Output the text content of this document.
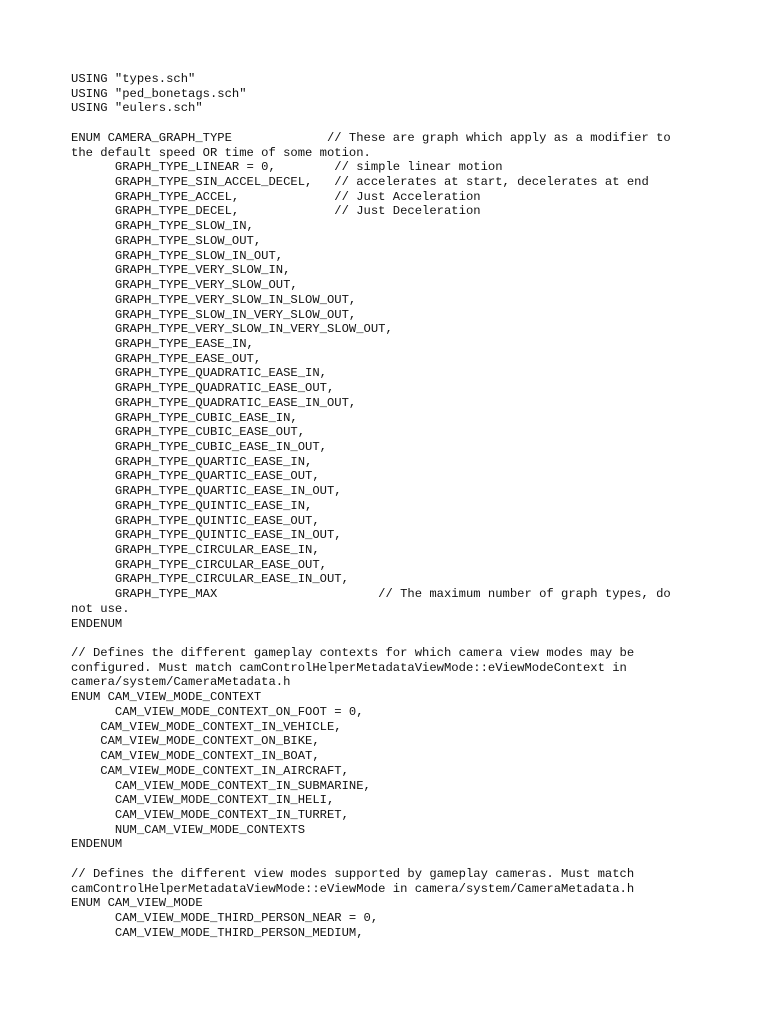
USING "types.sch"
USING "ped_bonetags.sch"
USING "eulers.sch"
ENUM CAMERA_GRAPH_TYPE             // These are graph which apply as a modifier to
the default speed OR time of some motion.
GRAPH_TYPE_LINEAR = 0,        // simple linear motion
GRAPH_TYPE_SIN_ACCEL_DECEL,   // accelerates at start, decelerates at end
GRAPH_TYPE_ACCEL,             // Just Acceleration
GRAPH_TYPE_DECEL,             // Just Deceleration
GRAPH_TYPE_SLOW_IN,
GRAPH_TYPE_SLOW_OUT,
GRAPH_TYPE_SLOW_IN_OUT,
GRAPH_TYPE_VERY_SLOW_IN,
GRAPH_TYPE_VERY_SLOW_OUT,
GRAPH_TYPE_VERY_SLOW_IN_SLOW_OUT,
GRAPH_TYPE_SLOW_IN_VERY_SLOW_OUT,
GRAPH_TYPE_VERY_SLOW_IN_VERY_SLOW_OUT,
GRAPH_TYPE_EASE_IN,
GRAPH_TYPE_EASE_OUT,
GRAPH_TYPE_QUADRATIC_EASE_IN,
GRAPH_TYPE_QUADRATIC_EASE_OUT,
GRAPH_TYPE_QUADRATIC_EASE_IN_OUT,
GRAPH_TYPE_CUBIC_EASE_IN,
GRAPH_TYPE_CUBIC_EASE_OUT,
GRAPH_TYPE_CUBIC_EASE_IN_OUT,
GRAPH_TYPE_QUARTIC_EASE_IN,
GRAPH_TYPE_QUARTIC_EASE_OUT,
GRAPH_TYPE_QUARTIC_EASE_IN_OUT,
GRAPH_TYPE_QUINTIC_EASE_IN,
GRAPH_TYPE_QUINTIC_EASE_OUT,
GRAPH_TYPE_QUINTIC_EASE_IN_OUT,
GRAPH_TYPE_CIRCULAR_EASE_IN,
GRAPH_TYPE_CIRCULAR_EASE_OUT,
GRAPH_TYPE_CIRCULAR_EASE_IN_OUT,
GRAPH_TYPE_MAX                      // The maximum number of graph types, do
not use.
ENDENUM
// Defines the different gameplay contexts for which camera view modes may be
configured. Must match camControlHelperMetadataViewMode::eViewModeContext in
camera/system/CameraMetadata.h
ENUM CAM_VIEW_MODE_CONTEXT
CAM_VIEW_MODE_CONTEXT_ON_FOOT = 0,
CAM_VIEW_MODE_CONTEXT_IN_VEHICLE,
CAM_VIEW_MODE_CONTEXT_ON_BIKE,
CAM_VIEW_MODE_CONTEXT_IN_BOAT,
CAM_VIEW_MODE_CONTEXT_IN_AIRCRAFT,
CAM_VIEW_MODE_CONTEXT_IN_SUBMARINE,
CAM_VIEW_MODE_CONTEXT_IN_HELI,
CAM_VIEW_MODE_CONTEXT_IN_TURRET,
NUM_CAM_VIEW_MODE_CONTEXTS
ENDENUM
// Defines the different view modes supported by gameplay cameras. Must match
camControlHelperMetadataViewMode::eViewMode in camera/system/CameraMetadata.h
ENUM CAM_VIEW_MODE
CAM_VIEW_MODE_THIRD_PERSON_NEAR = 0,
CAM_VIEW_MODE_THIRD_PERSON_MEDIUM,
